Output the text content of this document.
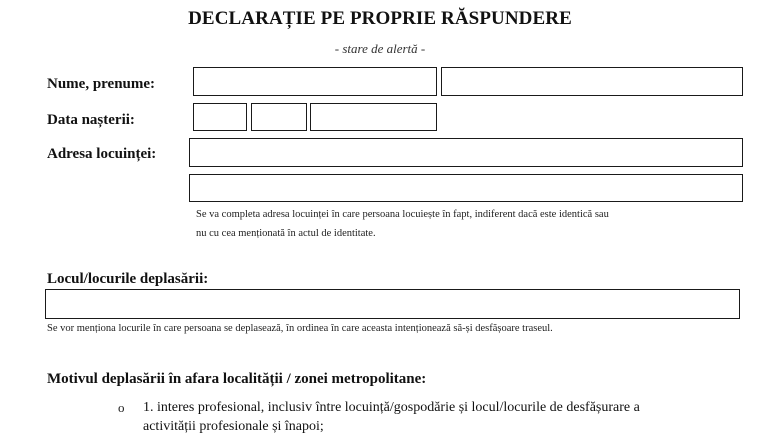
DECLARAȚIE PE PROPRIE RĂSPUNDERE
- stare de alertă -
Nume, prenume:
Data nașterii:
Adresa locuinței:
Se va completa adresa locuinței în care persoana locuiește în fapt, indiferent dacă este identică sau
nu cu cea menționată în actul de identitate.
Locul/locurile deplasării:
Se vor menționa locurile în care persoana se deplasează, în ordinea în care aceasta intenționează să-și desfășoare traseul.
Motivul deplasării în afara localității / zonei metropolitane:
o 1. interes profesional, inclusiv între locuință/gospodărie și locul/locurile de desfășurare a
activității profesionale și înapoi;
